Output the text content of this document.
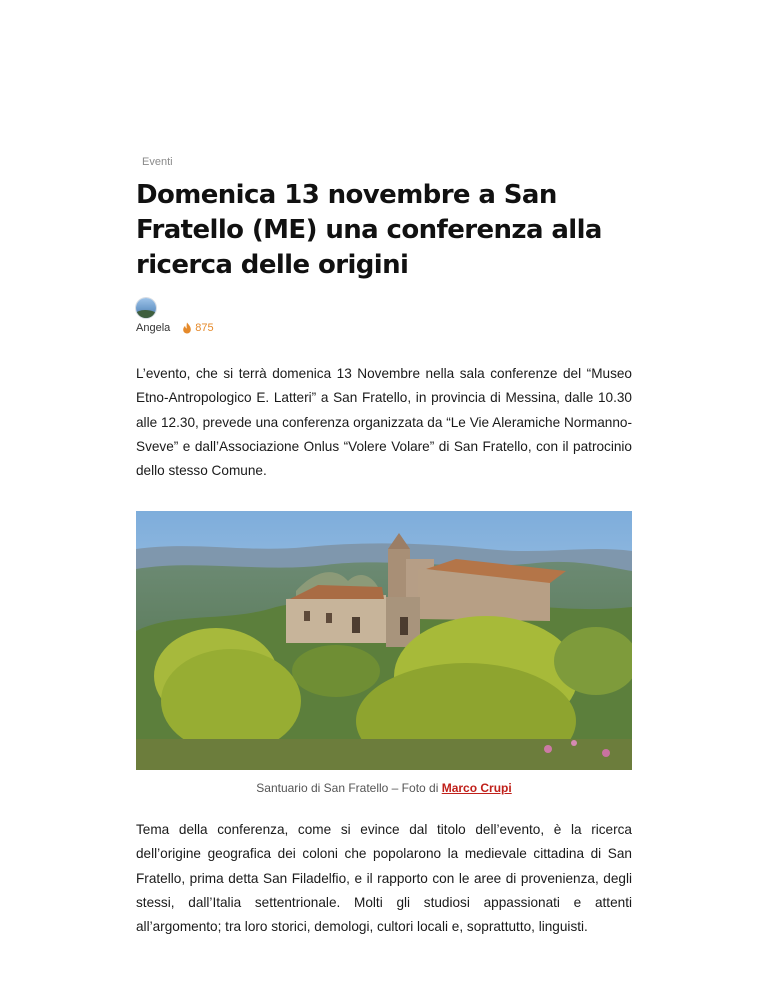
Eventi
Domenica 13 novembre a San Fratello (ME) una conferenza alla ricerca delle origini
Angela 875

L’evento, che si terrà domenica 13 Novembre nella sala conferenze del “Museo Etno-Antropologico E. Latteri” a San Fratello, in provincia di Messina, dalle 10.30 alle 12.30, prevede una conferenza organizzata da “Le Vie Aleramiche Normanno-Sveve” e dall’Associazione Onlus “Volere Volare” di San Fratello, con il patrocinio dello stesso Comune.

Santuario di San Fratello – Foto di Marco Crupi

Tema della conferenza, come si evince dal titolo dell’evento, è la ricerca dell’origine geografica dei coloni che popolarono la medievale cittadina di San Fratello, prima detta San Filadelfio, e il rapporto con le aree di provenienza, degli stessi, dall’Italia settentrionale. Molti gli studiosi appassionati e attenti all’argomento; tra loro storici, demologi, cultori locali e, soprattutto, linguisti.
